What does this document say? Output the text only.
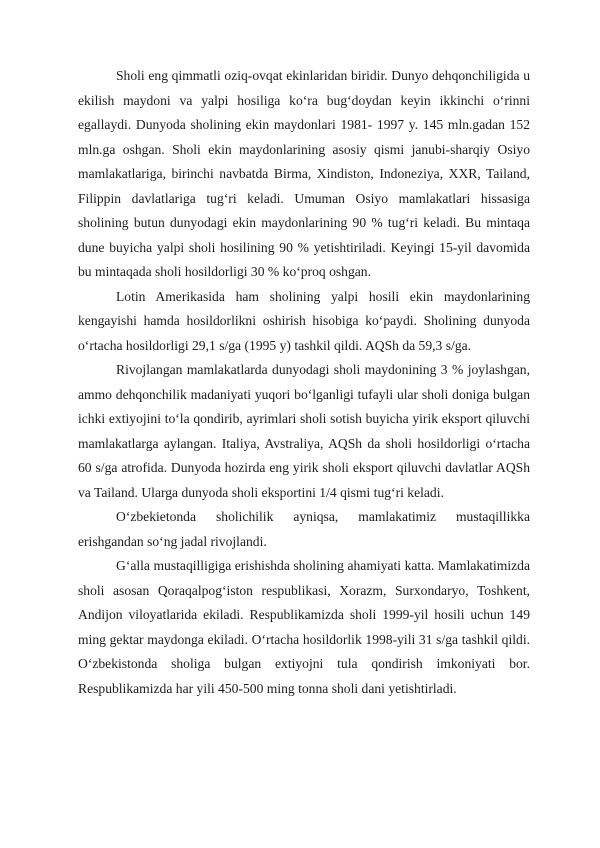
Sholi eng qimmatli oziq-ovqat ekinlaridan biridir. Dunyo dehqonchiligida u ekilish maydoni va yalpi hosiliga ko‘ra bug‘doydan keyin ikkinchi o‘rinni egallaydi. Dunyoda sholining ekin maydonlari 1981- 1997 y. 145 mln.gadan 152 mln.ga oshgan. Sholi ekin maydonlarining asosiy qismi janubi-sharqiy Osiyo mamlakatlariga, birinchi navbatda Birma, Xindiston, Indoneziya, XXR, Tailand, Filippin davlatlariga tug‘ri keladi. Umuman Osiyo mamlakatlari hissasiga sholining butun dunyodagi ekin maydonlarining 90 % tug‘ri keladi. Bu mintaqa dune buyicha yalpi sholi hosilining 90 % yetishtiriladi. Keyingi 15-yil davomida bu mintaqada sholi hosildorligi 30 % ko‘proq oshgan.

Lotin Amerikasida ham sholining yalpi hosili ekin maydonlarining kengayishi hamda hosildorlikni oshirish hisobiga ko‘paydi. Sholining dunyoda o‘rtacha hosildorligi 29,1 s/ga (1995 y) tashkil qildi. AQSh da 59,3 s/ga.

Rivojlangan mamlakatlarda dunyodagi sholi maydonining 3 % joylashgan, ammo dehqonchilik madaniyati yuqori bo‘lganligi tufayli ular sholi doniga bulgan ichki extiyojini to‘la qondirib, ayrimlari sholi sotish buyicha yirik eksport qiluvchi mamlakatlarga aylangan. Italiya, Avstraliya, AQSh da sholi hosildorligi o‘rtacha 60 s/ga atrofida. Dunyoda hozirda eng yirik sholi eksport qiluvchi davlatlar AQSh va Tailand. Ularga dunyoda sholi eksportini 1/4 qismi tug‘ri keladi.

O‘zbekietonda sholichilik ayniqsa, mamlakatimiz mustaqillikka erishgandan so‘ng jadal rivojlandi.

G‘alla mustaqilligiga erishishda sholining ahamiyati katta. Mamlakatimizda sholi asosan Qoraqalpog‘iston respublikasi, Xorazm, Surxondaryo, Toshkent, Andijon viloyatlarida ekiladi. Respublikamizda sholi 1999-yil hosili uchun 149 ming gektar maydonga ekiladi. O‘rtacha hosildorlik 1998-yili 31 s/ga tashkil qildi. O‘zbekistonda sholiga bulgan extiyojni tula qondirish imkoniyati bor. Respublikamizda har yili 450-500 ming tonna sholi dani yetishtirladi.
